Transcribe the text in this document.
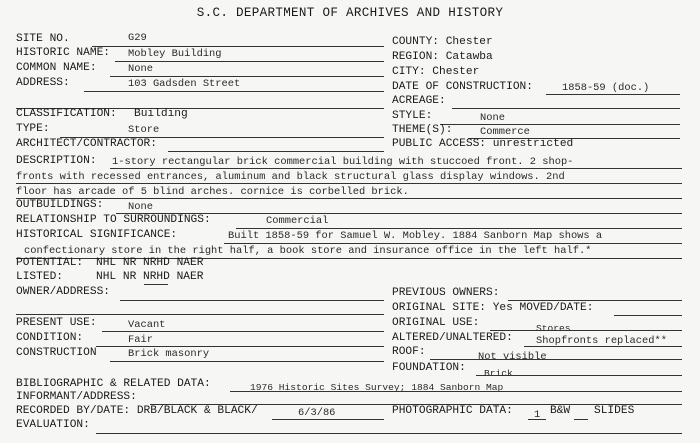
S.C. DEPARTMENT OF ARCHIVES AND HISTORY
SITE NO.	G29
HISTORIC NAME: Mobley Building
COMMON NAME:	None
ADDRESS:	103 Gadsden Street
CLASSIFICATION: Building
TYPE:	Store
ARCHITECT/CONTRACTOR:
COUNTY: Chester
REGION: Catawba
CITY: Chester
DATE OF CONSTRUCTION:	1858-59 (doc.)
ACREAGE:
STYLE:	None
THEME(S):	Commerce
PUBLIC ACCESS: unrestricted
DESCRIPTION: 1-story rectangular brick commercial building with stuccoed front. 2 shop-
fronts with recessed entrances, aluminum and black structural glass display windows. 2nd
floor has arcade of 5 blind arches. cornice is corbelled brick.
OUTBUILDINGS: None
RELATIONSHIP TO SURROUNDINGS:	Commercial
HISTORICAL SIGNIFICANCE:	Built 1858-59 for Samuel W. Mobley. 1884 Sanborn Map shows a
confectionary store in the right half, a book store and insurance office in the left half.*
POTENTIAL: NHL NR NRHD NAER
LISTED:	NHL NR NRHD NAER
OWNER/ADDRESS:	PREVIOUS OWNERS:
ORIGINAL SITE: Yes MOVED/DATE:
PRESENT USE:	Vacant	ORIGINAL USE:	Stores
CONDITION:	Fair	ALTERED/UNALTERED: Shopfronts replaced**
CONSTRUCTION	Brick masonry	ROOF:	Not visible
FOUNDATION: Brick
BIBLIOGRAPHIC & RELATED DATA:	1976 Historic Sites Survey; 1884 Sanborn Map
INFORMANT/ADDRESS:
RECORDED BY/DATE: DRB/BLACK & BLACK/	6/3/86	PHOTOGRAPHIC DATA: 1 B&W SLIDES
EVALUATION:
